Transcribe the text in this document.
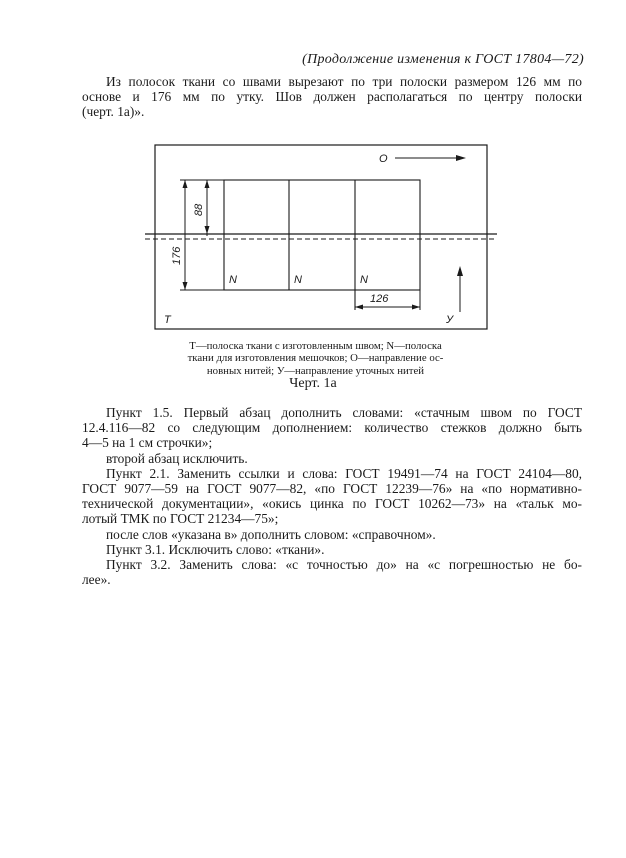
(Продолжение изменения к ГОСТ 17804—72)

Из полосок ткани со швами вырезают по три полоски размером 126 мм по

основе и 176 мм по утку. Шов должен располагаться по центру полоски

(черт. 1а)».

О
Т	У
N	N	N
126
88
176
Т—полоска ткани с изготовленным швом; N—полоска
ткани для изготовления мешочков; О—направление ос-
новных нитей; У—направление уточных нитей
Черт. 1а

Пункт 1.5. Первый абзац дополнить словами: «стачным швом по ГОСТ

12.4.116—82 со следующим дополнением: количество стежков должно быть

4—5 на 1 см строчки»;

второй абзац исключить.

Пункт 2.1. Заменить ссылки и слова: ГОСТ 19491—74 на ГОСТ 24104—80,

ГОСТ 9077—59 на ГОСТ 9077—82, «по ГОСТ 12239—76» на «по нормативно-

технической документации», «окись цинка по ГОСТ 10262—73» на «тальк мо-

лотый ТМК по ГОСТ 21234—75»;

после слов «указана в» дополнить словом: «справочном».

Пункт 3.1. Исключить слово: «ткани».

Пункт 3.2. Заменить слова: «с точностью до» на «с погрешностью не бо-

лее».
